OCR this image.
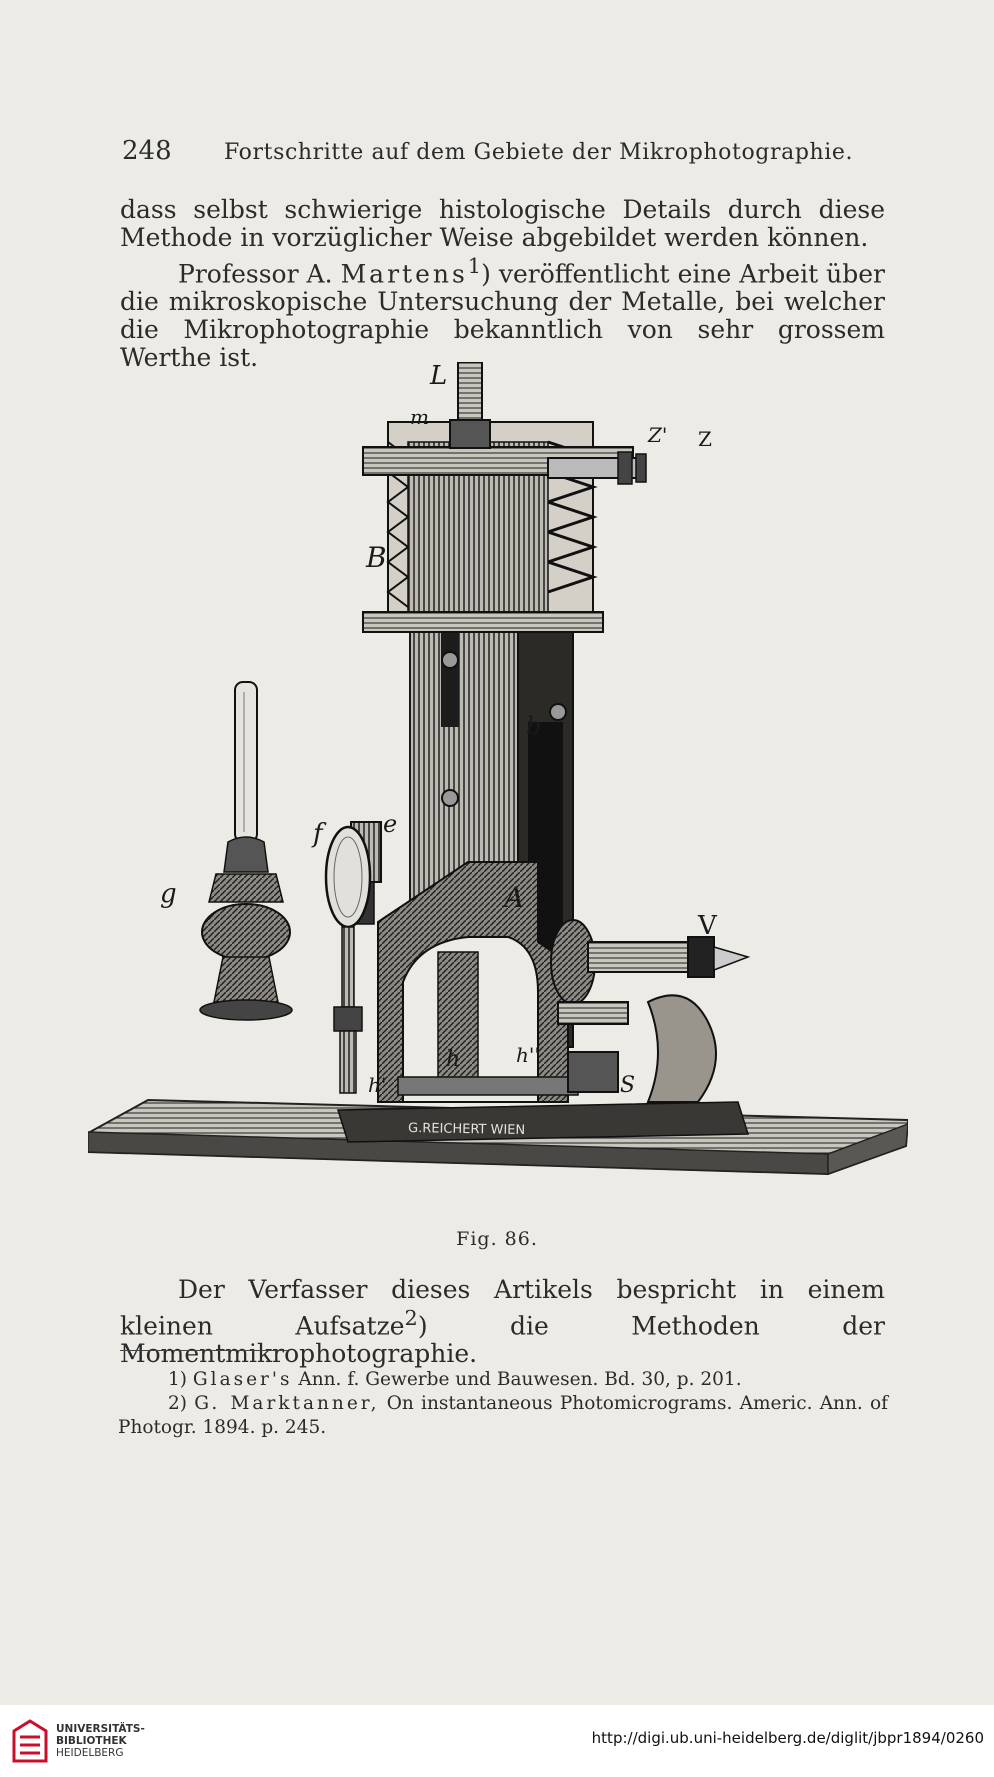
248 Fortschritte auf dem Gebiete der Mikrophotographie.

dass selbst schwierige histologische Details durch diese Methode in vorzüglicher Weise abgebildet werden können.

Professor A. Martens$^1$) veröffentlicht eine Arbeit über die mikroskopische Untersuchung der Metalle, bei welcher die Mikrophotographie bekanntlich von sehr grossem Werthe ist.

G.REICHERT WIEN
L
m
Z' Z
B
b
A
e
f
g
V
h
h'
h''
S
Fig. 86.

Der Verfasser dieses Artikels bespricht in einem kleinen Aufsatze$^2$) die Methoden der Momentmikrophotographie.

1) Glaser's Ann. f. Gewerbe und Bauwesen. Bd. 30, p. 201.

2) G. Marktanner, On instantaneous Photomicrograms. Americ. Ann. of Photogr. 1894. p. 245.

UNIVERSITÄTS-
BIBLIOTHEK
HEIDELBERG
http://digi.ub.uni-heidelberg.de/diglit/jbpr1894/0260
